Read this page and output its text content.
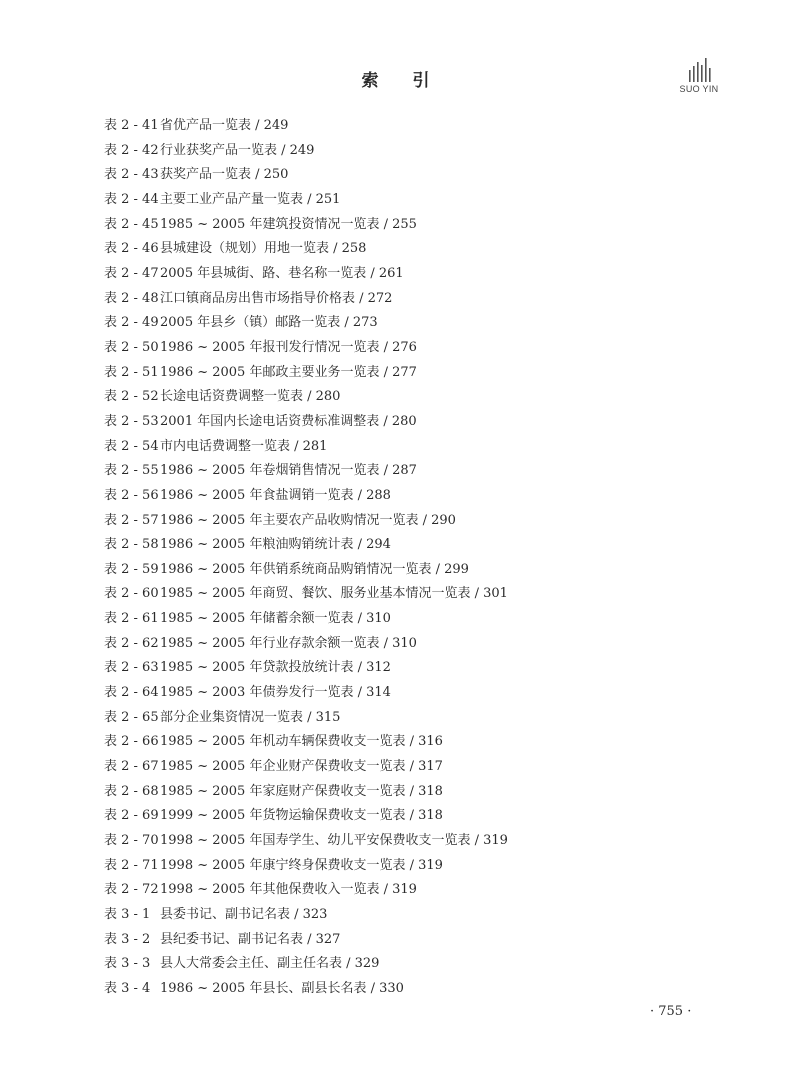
索 引	SUO YIN
表 2 - 41 省优产品一览表 / 249
表 2 - 42 行业获奖产品一览表 / 249
表 2 - 43 获奖产品一览表 / 250
表 2 - 44 主要工业产品产量一览表 / 251
表 2 - 45 1985 ~ 2005 年建筑投资情况一览表 / 255
表 2 - 46 县城建设（规划）用地一览表 / 258
表 2 - 47 2005 年县城街、路、巷名称一览表 / 261
表 2 - 48 江口镇商品房出售市场指导价格表 / 272
表 2 - 49 2005 年县乡（镇）邮路一览表 / 273
表 2 - 50 1986 ~ 2005 年报刊发行情况一览表 / 276
表 2 - 51 1986 ~ 2005 年邮政主要业务一览表 / 277
表 2 - 52 长途电话资费调整一览表 / 280
表 2 - 53 2001 年国内长途电话资费标准调整表 / 280
表 2 - 54 市内电话费调整一览表 / 281
表 2 - 55 1986 ~ 2005 年卷烟销售情况一览表 / 287
表 2 - 56 1986 ~ 2005 年食盐调销一览表 / 288
表 2 - 57 1986 ~ 2005 年主要农产品收购情况一览表 / 290
表 2 - 58 1986 ~ 2005 年粮油购销统计表 / 294
表 2 - 59 1986 ~ 2005 年供销系统商品购销情况一览表 / 299
表 2 - 60 1985 ~ 2005 年商贸、餐饮、服务业基本情况一览表 / 301
表 2 - 61 1985 ~ 2005 年储蓄余额一览表 / 310
表 2 - 62 1985 ~ 2005 年行业存款余额一览表 / 310
表 2 - 63 1985 ~ 2005 年贷款投放统计表 / 312
表 2 - 64 1985 ~ 2003 年债券发行一览表 / 314
表 2 - 65 部分企业集资情况一览表 / 315
表 2 - 66 1985 ~ 2005 年机动车辆保费收支一览表 / 316
表 2 - 67 1985 ~ 2005 年企业财产保费收支一览表 / 317
表 2 - 68 1985 ~ 2005 年家庭财产保费收支一览表 / 318
表 2 - 69 1999 ~ 2005 年货物运输保费收支一览表 / 318
表 2 - 70 1998 ~ 2005 年国寿学生、幼儿平安保费收支一览表 / 319
表 2 - 71 1998 ~ 2005 年康宁终身保费收支一览表 / 319
表 2 - 72 1998 ~ 2005 年其他保费收入一览表 / 319
表 3 - 1 县委书记、副书记名表 / 323
表 3 - 2 县纪委书记、副书记名表 / 327
表 3 - 3 县人大常委会主任、副主任名表 / 329
表 3 - 4 1986 ~ 2005 年县长、副县长名表 / 330
· 755 ·
